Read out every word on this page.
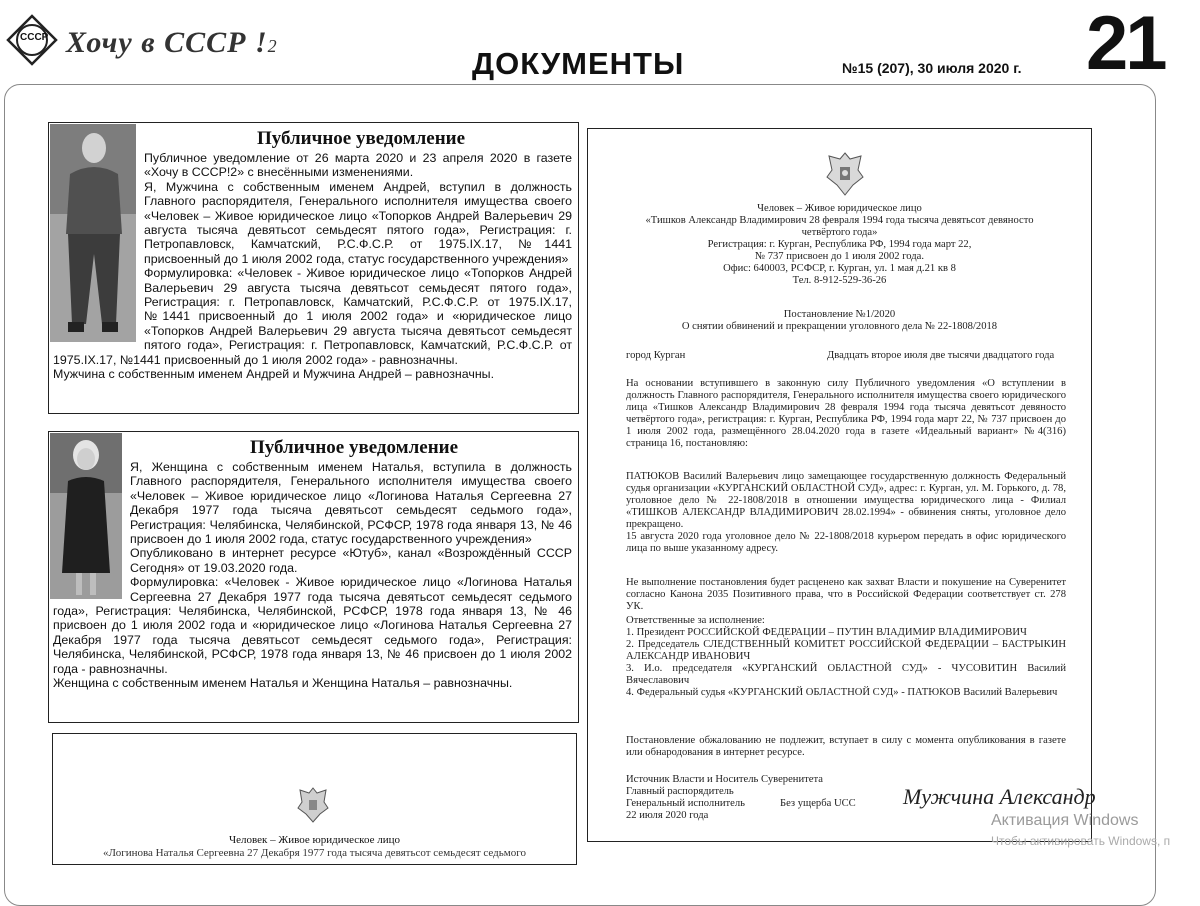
СССР Хочу в СССР !2	ДОКУМЕНТЫ	№15 (207), 30 июля 2020 г. 21
Публичное уведомление

Публичное уведомление от 26 марта 2020 и 23 апреля 2020 в газете «Хочу в СССР!2» с внесёнными изменениями.

Я, Мужчина с собственным именем Андрей, вступил в должность Главного распорядителя, Генерального исполнителя имущества своего «Человек – Живое юридическое лицо «Топорков Андрей Валерьевич 29 августа тысяча девятьсот семьдесят пятого года», Регистрация: г. Петропавловск, Камчатский, Р.С.Ф.С.Р. от 1975.IX.17, №1441 присвоенный до 1 июля 2002 года, статус государственного учреждения»

Формулировка: «Человек - Живое юридическое лицо «Топорков Андрей Валерьевич 29 августа тысяча девятьсот семьдесят пятого года», Регистрация: г. Петропавловск, Камчатский, Р.С.Ф.С.Р. от 1975.IX.17, №1441 присвоенный до 1 июля 2002 года» и «юридическое лицо «Топорков Андрей Валерьевич 29 августа тысяча девятьсот семьдесят пятого года», Регистрация: г. Петропавловск, Камчатский, Р.С.Ф.С.Р. от 1975.IX.17, №1441 присвоенный до 1 июля 2002 года» - равнозначны.

Мужчина с собственным именем Андрей и Мужчина Андрей – равнозначны.

Публичное уведомление

Я, Женщина с собственным именем Наталья, вступила в должность Главного распорядителя, Генерального исполнителя имущества своего «Человек – Живое юридическое лицо «Логинова Наталья Сергеевна 27 Декабря 1977 года тысяча девятьсот семьдесят седьмого года», Регистрация: Челябинска, Челябинской, РСФСР, 1978 года января 13, № 46 присвоен до 1 июля 2002 года, статус государственного учреждения»

Опубликовано в интернет ресурсе «Ютуб», канал «Возрождённый СССР Сегодня» от 19.03.2020 года.

Формулировка: «Человек - Живое юридическое лицо «Логинова Наталья Сергеевна 27 Декабря 1977 года тысяча девятьсот семьдесят седьмого года», Регистрация: Челябинска, Челябинской, РСФСР, 1978 года января 13, № 46 присвоен до 1 июля 2002 года и «юридическое лицо «Логинова Наталья Сергеевна 27 Декабря 1977 года тысяча девятьсот семьдесят седьмого года», Регистрация: Челябинска, Челябинской, РСФСР, 1978 года января 13, № 46 присвоен до 1 июля 2002 года - равнозначны.

Женщина с собственным именем Наталья и Женщина Наталья – равнозначны.

Человек – Живое юридическое лицо
«Логинова Наталья Сергеевна 27 Декабря 1977 года тысяча девятьсот семьдесят седьмого
Человек – Живое юридическое лицо
«Тишков Александр Владимирович 28 февраля 1994 года тысяча девятьсот девяносто
четвёртого года»
Регистрация: г. Курган, Республика РФ, 1994 года март 22,
№ 737 присвоен до 1 июля 2002 года.
Офис: 640003, РСФСР, г. Курган, ул. 1 мая д.21 кв 8
Тел. 8-912-529-36-26
Постановление №1/2020
О снятии обвинений и прекращении уголовного дела № 22-1808/2018
город Курган	Двадцать второе июля две тысячи двадцатого года
На основании вступившего в законную силу Публичного уведомления «О вступлении в должность Главного распорядителя, Генерального исполнителя имущества своего юридического лица «Тишков Александр Владимирович 28 февраля 1994 года тысяча девятьсот девяносто четвёртого года», регистрация: г. Курган, Республика РФ, 1994 года март 22, № 737 присвоен до 1 июля 2002 года, размещённого 28.04.2020 года в газете «Идеальный вариант» №4(316) страница 16, постановляю:
ПАТЮКОВ Василий Валерьевич лицо замещающее государственную должность Федеральный судья организации «КУРГАНСКИЙ ОБЛАСТНОЙ СУД», адрес: г. Курган, ул. М. Горького, д. 78, уголовное дело № 22-1808/2018 в отношении имущества юридического лица - Филиал «ТИШКОВ АЛЕКСАНДР ВЛАДИМИРОВИЧ 28.02.1994» - обвинения сняты, уголовное дело прекращено.
15 августа 2020 года уголовное дело № 22-1808/2018 курьером передать в офис юридического лица по выше указанному адресу.
Не выполнение постановления будет расценено как захват Власти и покушение на Суверенитет согласно Канона 2035 Позитивного права, что в Российской Федерации соответствует ст. 278 УК.
Ответственные за исполнение:
1. Президент РОССИЙСКОЙ ФЕДЕРАЦИИ – ПУТИН ВЛАДИМИР ВЛАДИМИРОВИЧ
2. Председатель СЛЕДСТВЕННЫЙ КОМИТЕТ РОССИЙСКОЙ ФЕДЕРАЦИИ – БАСТРЫКИН АЛЕКСАНДР ИВАНОВИЧ
3. И.о. председателя «КУРГАНСКИЙ ОБЛАСТНОЙ СУД» - ЧУСОВИТИН Василий Вячеславович
4. Федеральный судья «КУРГАНСКИЙ ОБЛАСТНОЙ СУД» - ПАТЮКОВ Василий Валерьевич
Постановление обжалованию не подлежит, вступает в силу с момента опубликования в газете или обнародования в интернет ресурсе.
Источник Власти и Носитель Суверенитета
Главный распорядитель
Генеральный исполнитель
22 июля 2020 года
Без ущерба UCC Мужчина Александр
Активация Windows
Чтобы активировать Windows, п
